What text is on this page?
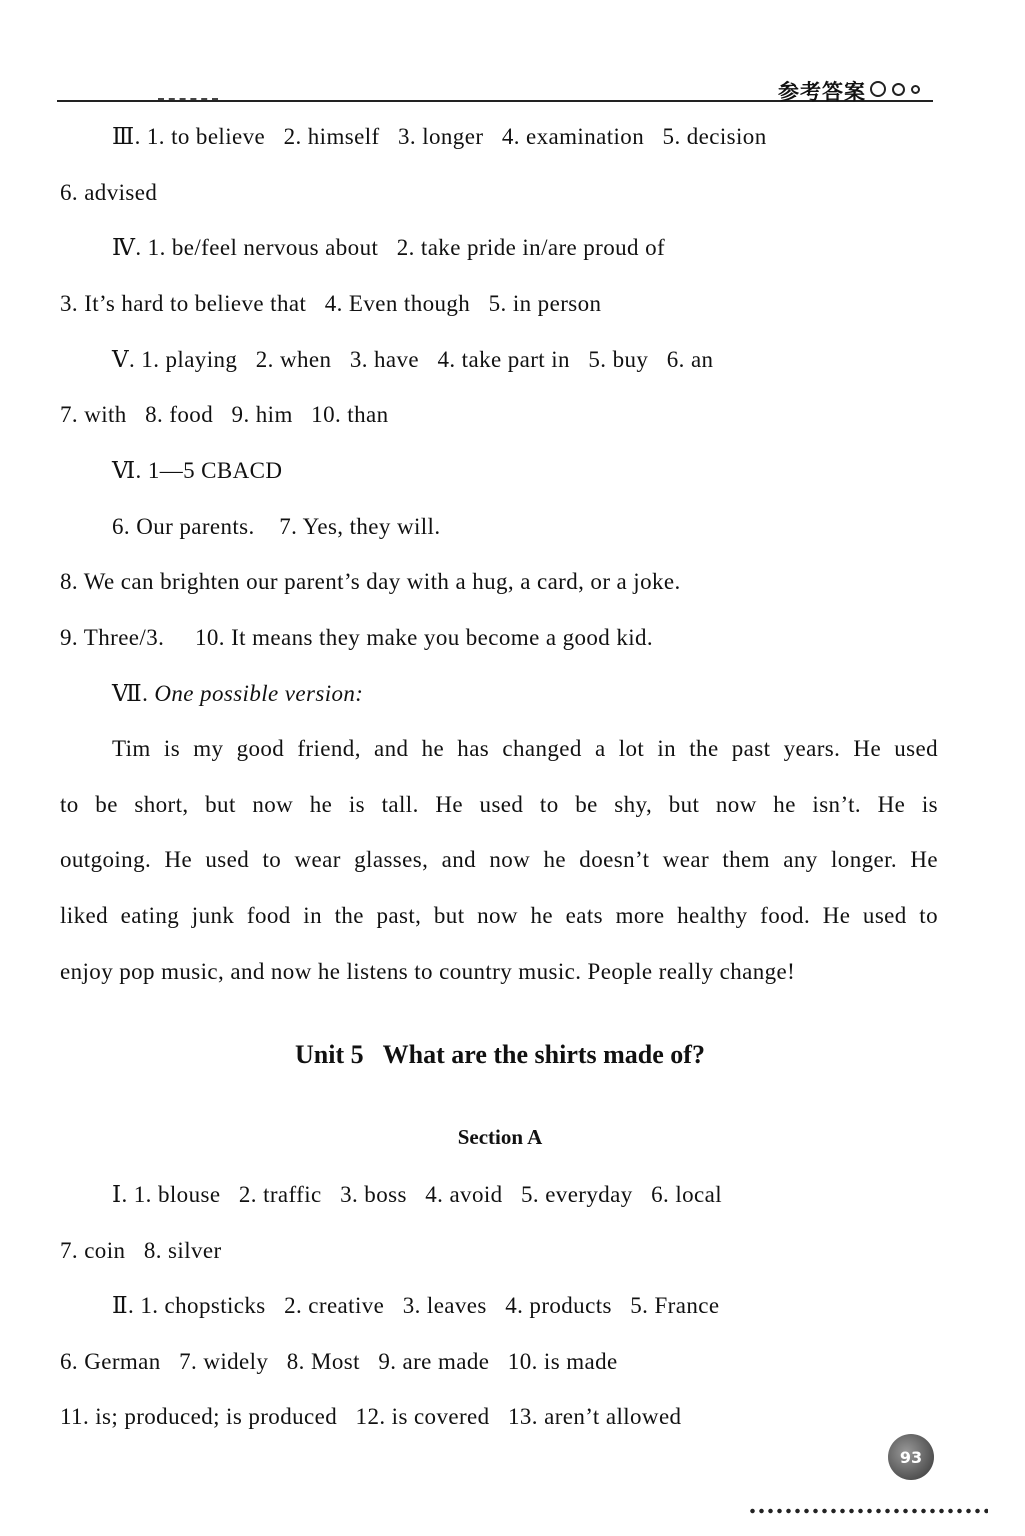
参考答案
Ⅲ. 1. to believe   2. himself   3. longer   4. examination   5. decision
6. advised
Ⅳ. 1. be/feel nervous about   2. take pride in/are proud of
3. It’s hard to believe that   4. Even though   5. in person
Ⅴ. 1. playing   2. when   3. have   4. take part in   5. buy   6. an
7. with   8. food   9. him   10. than
Ⅵ. 1—5 CBACD
6. Our parents.    7. Yes, they will.
8. We can brighten our parent’s day with a hug, a card, or a joke.
9. Three/3.     10. It means they make you become a good kid.
Ⅶ. One possible version:
Tim is my good friend, and he has changed a lot in the past years. He used
to be short, but now he is tall. He used to be shy, but now he isn’t. He is
outgoing. He used to wear glasses, and now he doesn’t wear them any longer. He
liked eating junk food in the past, but now he eats more healthy food. He used to
enjoy pop music, and now he listens to country music. People really change!
Unit 5   What are the shirts made of?
Section A
Ⅰ. 1. blouse   2. traffic   3. boss   4. avoid   5. everyday   6. local
7. coin   8. silver
Ⅱ. 1. chopsticks   2. creative   3. leaves   4. products   5. France
6. German   7. widely   8. Most   9. are made   10. is made
11. is; produced; is produced   12. is covered   13. aren’t allowed
93
